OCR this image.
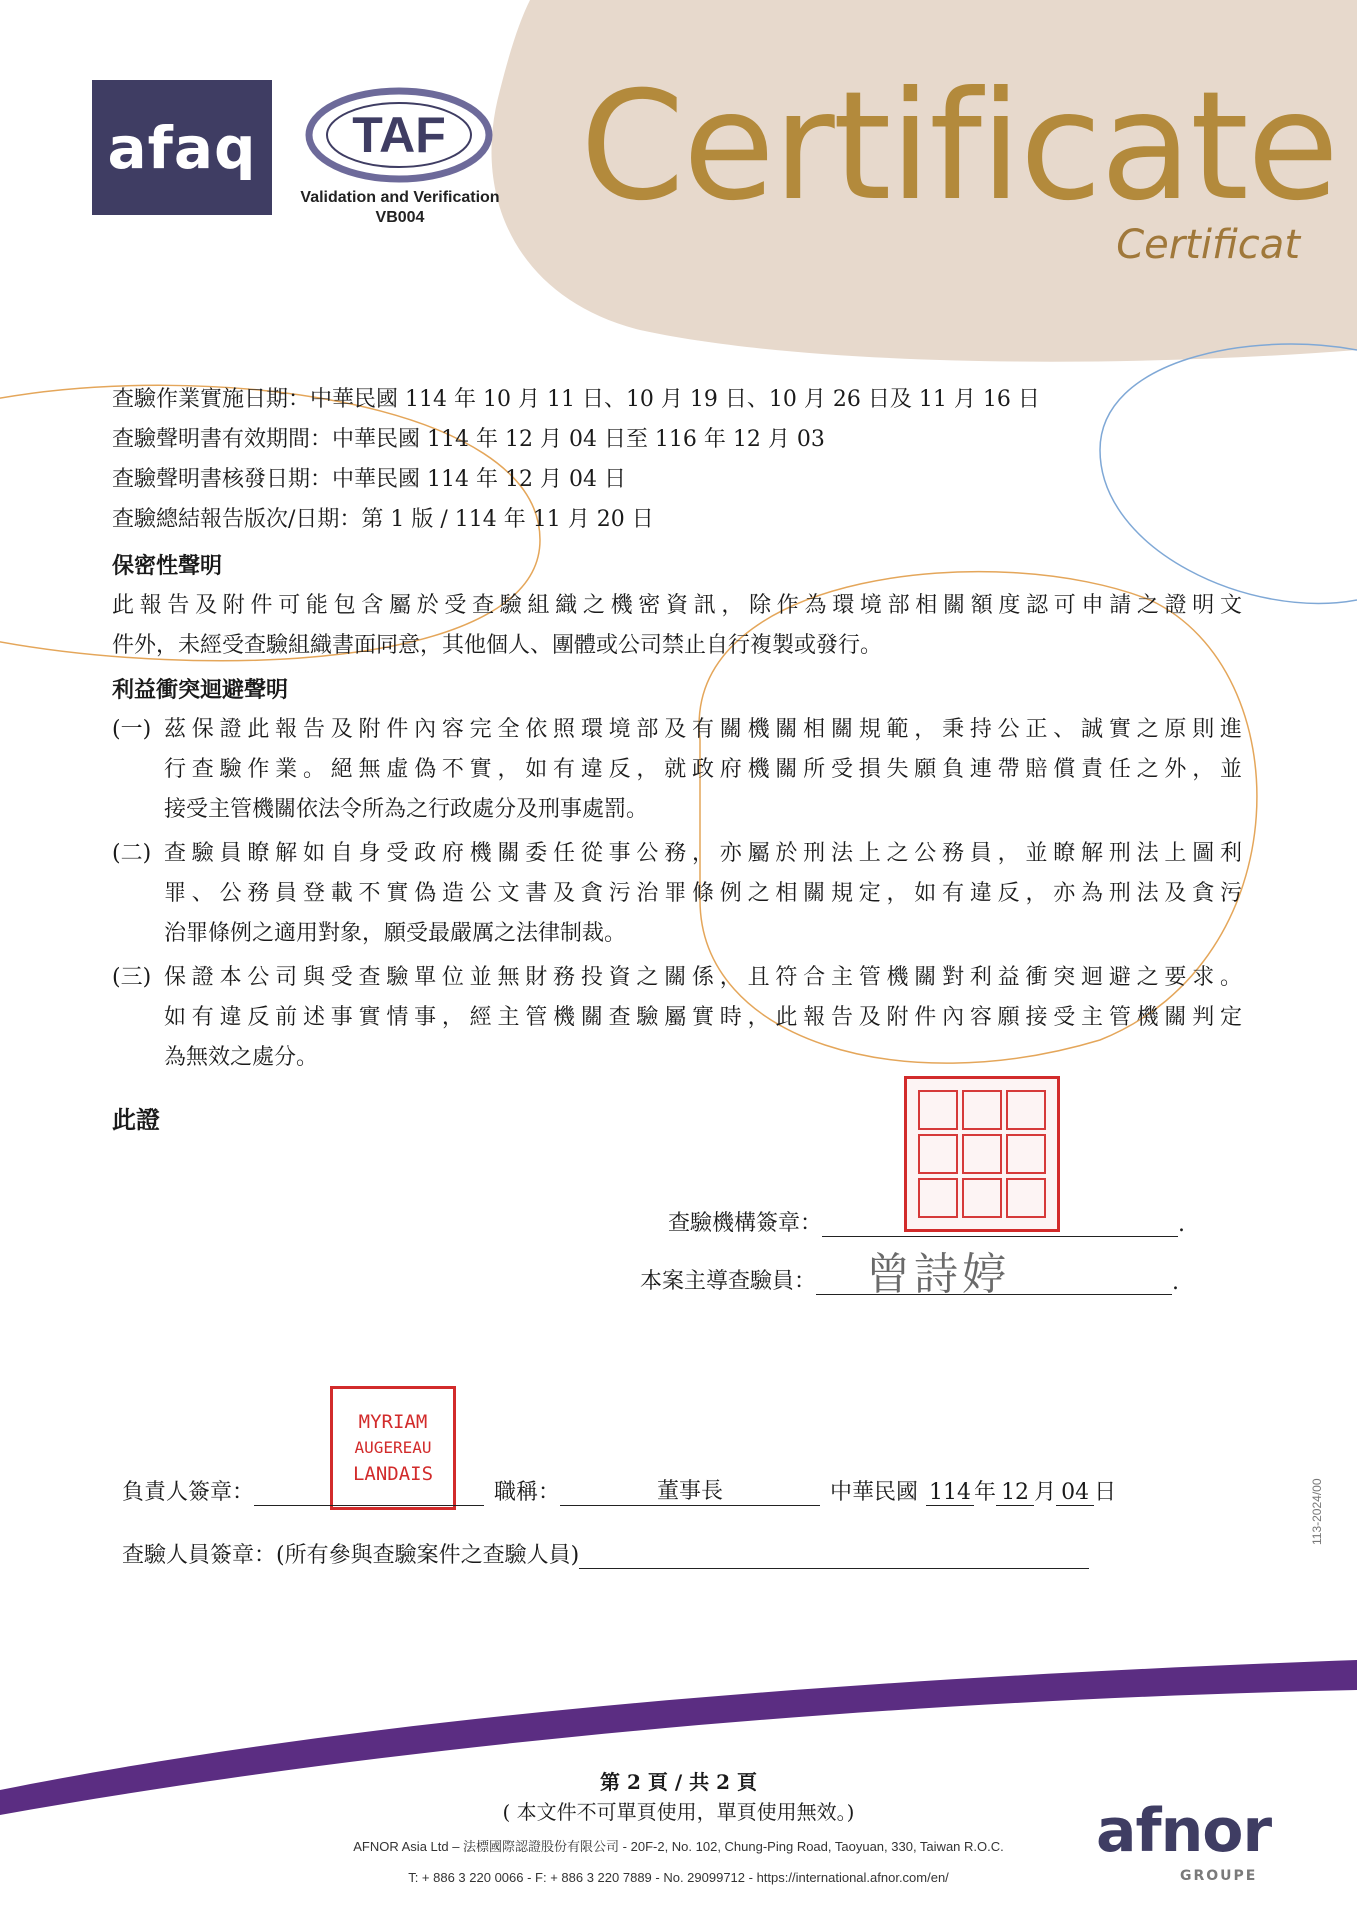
afaq	TAF
Validation and Verification
VB004	Certificate
Certificat
查驗作業實施日期：中華民國 114 年 10 月 11 日、10 月 19 日、10 月 26 日及 11 月 16 日
查驗聲明書有效期間：中華民國 114 年 12 月 04 日至 116 年 12 月 03
查驗聲明書核發日期：中華民國 114 年 12 月 04 日
查驗總結報告版次/日期：第 1 版 / 114 年 11 月 20 日
保密性聲明
此報告及附件可能包含屬於受查驗組織之機密資訊，除作為環境部相關額度認可申請之證明文
件外，未經受查驗組織書面同意，其他個人、團體或公司禁止自行複製或發行。
利益衝突迴避聲明
(一) 茲保證此報告及附件內容完全依照環境部及有關機關相關規範，秉持公正、誠實之原則進
行查驗作業。絕無虛偽不實，如有違反，就政府機關所受損失願負連帶賠償責任之外，並
接受主管機關依法令所為之行政處分及刑事處罰。
(二) 查驗員瞭解如自身受政府機關委任從事公務，亦屬於刑法上之公務員，並瞭解刑法上圖利
罪、公務員登載不實偽造公文書及貪污治罪條例之相關規定，如有違反，亦為刑法及貪污
治罪條例之適用對象，願受最嚴厲之法律制裁。
(三) 保證本公司與受查驗單位並無財務投資之關係，且符合主管機關對利益衝突迴避之要求。
如有違反前述事實情事，經主管機關查驗屬實時，此報告及附件內容願接受主管機關判定
為無效之處分。
此證
查驗機構簽章：	.
本案主導查驗員： 曾詩婷	.
MYRIAM
AUGEREAU
LANDAIS
負責人簽章：	職稱：	董事長	中華民國 114 年 12 月 04 日
查驗人員簽章：(所有參與查驗案件之查驗人員)
113-2024/00
第 2 頁 / 共 2 頁
( 本文件不可單頁使用，單頁使用無效。)
AFNOR Asia Ltd – 法標國際認證股份有限公司 - 20F-2, No. 102, Chung-Ping Road, Taoyuan, 330, Taiwan R.O.C.
T: + 886 3 220 0066 - F: + 886 3 220 7889 - No. 29099712 - https://international.afnor.com/en/
afnor
GROUPE
